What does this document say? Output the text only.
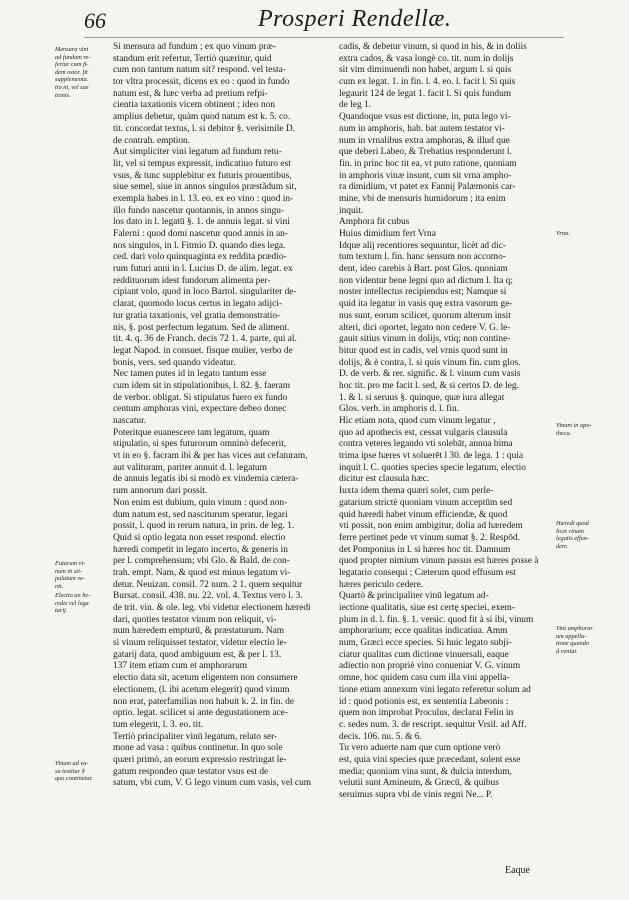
66	Prosperi Rendellæ.

Si mensura ad fundum ; ex quo vinum præ-
standum erit refertur, Tertiò quæritur, quid
cum non tantum natum sit? respond. vel testa-
tor vltra processit, dicens ex eo : quod in fundo
natum est, & hæc verba ad pretium refpi-
cientia taxationis vicem obtinent ; ideo non
amplius debetur, quàm quod natum est k. 5. co.
tit. concordat textus, l. si debitor §. verisimile D.
de contrah. emption.

Aut simpliciter vini legatum ad fundum retu-
lit, vel si tempus expressit, indicatiuo futuro est
vsus, & tunc supplebitur ex futuris prouentibus,
siue semel, siue in annos singulos præstãdum sit,
exempla habes in l. 13. eo. ex eo vino : quod in-
illo fundo nascetur quotannis, in annos singu-
los dato in l. legatū §. 1. de annuis legat. si vini
Falerni : quod domi nascetur quod annis in an-
nos singulos, in l. Fitmio D. quando dies lega.
ced. dari volo quinquaginta ex reddita prædio-
rum futuri anni in l. Lucius D. de alim. legat. ex
reddituorum idest fundorum alimenta per-
cipiant volo, quod in loco Bartol. singulariter de-
clarat, quomodo locus certus in legato adijci-
tur gratia taxationis, vel gratia demonstratio-
nis, §. post perfectum legatum. Sed de aliment.
tit. 4. q. 36 de Franch. decis 72 1. 4. parte, qui al.
legat Napod. in consuet. fisque mulier, verbo de
bonis, vers. sed quando videatur.

Nec tamen putes id in legato tantum esse
cum idem sit in stipulationibus, l. 82. §. faeram
de verbor. obligat. Si stipulatus fuero ex fundo
centum amphoras vini, expectare debeo donec
nascatur.

Poteritque euanescere tam legatum, quam
stipulatio, si spes futurorum omninò defecerit,
vt in eo §. facram ibi & per has vices aut cefaturam,
aut valituram, pariter annuit d. l. legatum
de annuis legatis ibi si modò ex vindemia cætera-
rum annorum dari possit.

Non enim est dubium, quin vinum : quod non-
dum natum est, sed nasciturum speratur, legari
possit, l. quod in rerum natura, in prin. de leg. 1.

Quid si optio legata non esset respond. electio
hæredi competit in legato incerto, & generis in
per l. comprehensum; vbi Glo. & Bald. de con-
trah. empt. Nam, & quod est minus legatum vi-
detur. Neuizan. consil. 72 num. 2 1. quem sequitur
Bursat. consil. 438. nu. 22. vol. 4. Textus vero l. 3.
de trit. vin. & ole. leg. vbi videtur electionem hæredi
dari, quoties testator vinum non reliquit, vi-
num hæredem empturū, & præstaturum. Nam
si vinum reliquisset testator, videtur electio le-
gatarij data, quod ambiguum est, & per l. 13.
137 item etiam cum et amphorarum
electio data sit, acetum eligentem non consumere
electionem, (l. ibi acetum elegerit) quod vinum
non erat, paterfamilias non habuit k. 2. in fin. de
optio. legat. scilicet si ante degustationem ace-
tum elegerit, l. 3. eo. tit.

Tertiò principaliter vinū legatum, relato ser-
mone ad vasa : quibus continetur. In quo sole
quæri primò, an eorum expressio restringat le-
gatum respondeo quæ testator vsus est de
satum, vbi cum, V. G lego vinum cum vasis, vel cum

cadis, & debetur vinum, si quod in his, & in doliis
extra cados, & vasa longè co. tit. num in dolijs
sit vim diminuendi non habet, argum l. si quis
cum ex legat. 1. in fin. l. 4. eo. l. facit l. Si quis
legaurit 124 de legat 1. facit l. Si quis fundum
de leg 1.

Quandoque vsus est dictione, in, puta lego vi-
num in amphoris, hab. bat autem testator vi-
num in vrnalibus extra amphoras, & illud que
que deberi Labeo, & Trebatius responderunt l.
fin. in princ hoc tit ea, vt puto ratione, quoniam
in amphoris vinæ insunt, cum sit vrna ampho-
ra dimidium, vt patet ex Fannij Palæmonis car-
mine, vbi de mensuris humidorum ; ita enim
inquit.

Amphora fit cubus
Huius dimidium fert Vrna

Idque alij recentiores sequuntur, licèt ad dic-
tum textum l. fin. hanc sensum non accomo-
dent, ideo carebis à Bart. post Glos. quoniam
non videntur bene legni quo ad dictum l. Ita q;
noster intellectus recipiendus est; Namque si
quid ita legatur in vasis quę extra vasorum ge-
nus sunt, eorum scilicet, quorum alterum insit
alteri, dici oportet, legato non cedere V. G. le-
gauit sitius vinum in dolijs, vtiq; non contine-
bitur quod est in cadis, vel vrnis quod sunt in
dolijs, & è contra, l. si quis vinum fin. cum glos.
D. de verb. & rer. signific. & l. vinum cum vasis
hoc tit. pro me facit l. sed, & si certos D. de leg.
1. & l. si seruus §. quinque, quæ iura allegat
Glos. verb. in amphoris d. l. fin.

Hic etiam nota, quod cum vinum legatur ,
quo ad apothecis est, cessat vulgaris clausula
contra veteres legando vti solebāt, annua bima
trima ipse hæres vt soluerēt l 30. de lega. 1 : quia
inquit l. C. quoties species specie legatum, electio
dicitur est clausula hæc.

Iuxta idem thema quæri solet, cum perle-
gatarium strictè quoniam vinum acceptūm sed
quid hæredi habet vinum efficiendæ, & quod
vti possit, non enim ambigitur, dolia ad hæredem
ferre pertinet pede vt vinum sumat §. 2. Respōd.
det Pomponius in l. si hæres hoc tit. Damnum
quod propter nimium vinum passus est hæres posse à
legatario consequi ; Cæterum quod effusum est
hæres periculo cedere.

Quartò & principaliter vinū legatum ad-
iectione qualitatis, siue est certę speciei, exem-
plum in d. l. fin. §. 1. versic. quod fit à si ibi, vinum
amphorarium; ecce qualitas indicatiua. Amm
num, Græci ecce species. Si huic legato subji-
ciatur qualitas cum dictione vinuersali, eaque
adiectio non propriè vino conueniat V. G. vinum
omne, hoc quidem casu cum illa vini appella-
tione etiam annexum vini legato referetur solum ad
id : quod potionis est, ex sententia Labeonis :
quem non improbat Proculus, declarat Felin in
c. sedes num. 3. de rescript. sequitur Vrsil. ad Aff.
decis. 106. nu. 5. & 6.

Tu vero aduerte nam que cum optione verò
est, quia vini species quæ præcedant, solent esse
media; quoniam vina sunt, & dulcia interdum,
velutii sunt Amineum, & Græcū, & quibus
seruimus supra vbi de vinis regni Ne... P.

Mensura vini
ad fundum re-
fertur cum fi-
dem ostor. fit
supplementa.
tio ni, vel sae
tionis.
Futurum vi-
num in sti-
pulatum ve-
nit.
Electio an he-
redis vel lega
tarij.
Vinum ad va-
sa testitur §
quo continetur.
Vrna.
Vinum in apo-
theca.
Hæredi quod
licet vinum
legatis effun-
dere.
Vini amphorar
um appella-
tione quando
d veniat.
Eaque
